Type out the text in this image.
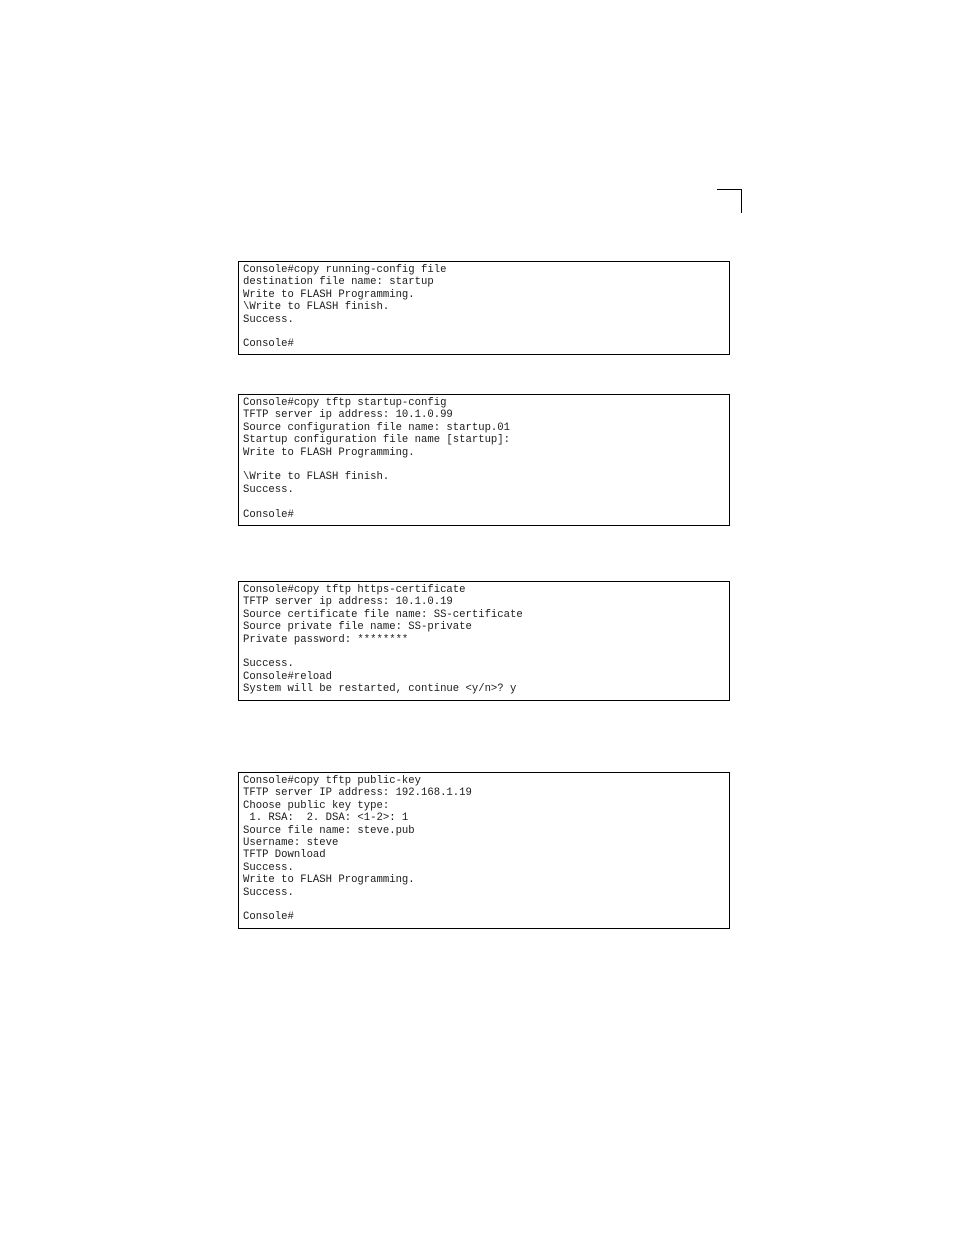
Console#copy running-config file
destination file name: startup
Write to FLASH Programming.
\Write to FLASH finish.
Success.

Console#
Console#copy tftp startup-config
TFTP server ip address: 10.1.0.99
Source configuration file name: startup.01
Startup configuration file name [startup]:
Write to FLASH Programming.

\Write to FLASH finish.
Success.

Console#
Console#copy tftp https-certificate
TFTP server ip address: 10.1.0.19
Source certificate file name: SS-certificate
Source private file name: SS-private
Private password: ********

Success.
Console#reload
System will be restarted, continue <y/n>? y
Console#copy tftp public-key
TFTP server IP address: 192.168.1.19
Choose public key type:
1. RSA:  2. DSA: <1-2>: 1
Source file name: steve.pub
Username: steve
TFTP Download
Success.
Write to FLASH Programming.
Success.

Console#
